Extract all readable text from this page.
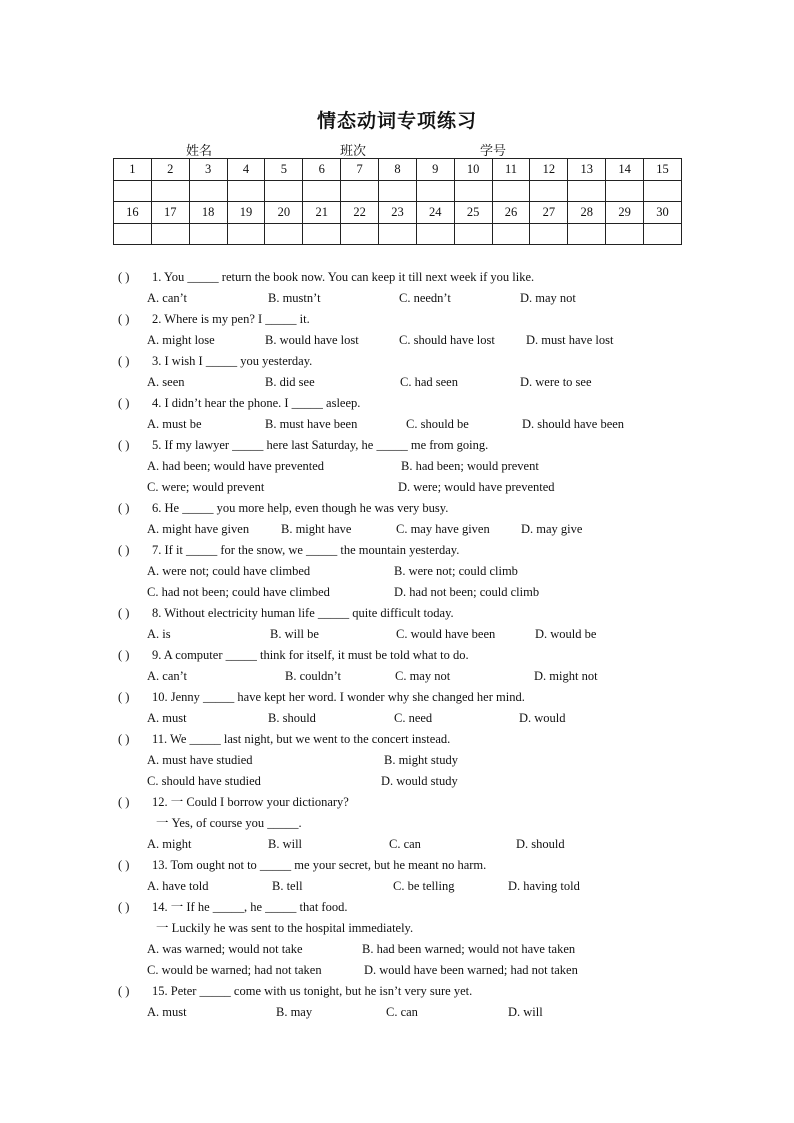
情态动词专项练习
姓名	班次	学号
1	2	3	4	5	6	7	8	9	10	11	12	13	14	15

16	17	18	19	20	21	22	23	24	25	26	27	28	29	30

( ) 1. You _____ return the book now. You can keep it till next week if you like.
A. can’t	B. mustn’t	C. needn’t	D. may not
( ) 2. Where is my pen? I _____ it.
A. might lose	B. would have lost	C. should have lost D. must have lost
( ) 3. I wish I _____ you yesterday.
A. seen	B. did see	C. had seen	D. were to see
( ) 4. I didn’t hear the phone. I _____ asleep.
A. must be	B. must have been	C. should be	D. should have been
( ) 5. If my lawyer _____ here last Saturday, he _____ me from going.
A. had been; would have prevented	B. had been; would prevent
C. were; would prevent	D. were; would have prevented
( ) 6. He _____ you more help, even though he was very busy.
A. might have given	B. might have	C. may have given	D. may give
( ) 7. If it _____ for the snow, we _____ the mountain yesterday.
A. were not; could have climbed	B. were not; could climb
C. had not been; could have climbed	D. had not been; could climb
( ) 8. Without electricity human life _____ quite difficult today.
A. is	B. will be	C. would have been	D. would be
( ) 9. A computer _____ think for itself, it must be told what to do.
A. can’t	B. couldn’t	C. may not	D. might not
( ) 10. Jenny _____ have kept her word. I wonder why she changed her mind.
A. must	B. should	C. need	D. would
( ) 11. We _____ last night, but we went to the concert instead.
A. must have studied	B. might study
C. should have studied	D. would study
( ) 12. 一 Could I borrow your dictionary?
一 Yes, of course you _____.
A. might	B. will	C. can	D. should
( ) 13. Tom ought not to _____ me your secret, but he meant no harm.
A. have told	B. tell	C. be telling	D. having told
( ) 14. 一 If he _____, he _____ that food.
一 Luckily he was sent to the hospital immediately.
A. was warned; would not take	B. had been warned; would not have taken
C. would be warned; had not taken	D. would have been warned; had not taken
( ) 15. Peter _____ come with us tonight, but he isn’t very sure yet.
A. must	B. may	C. can	D. will
